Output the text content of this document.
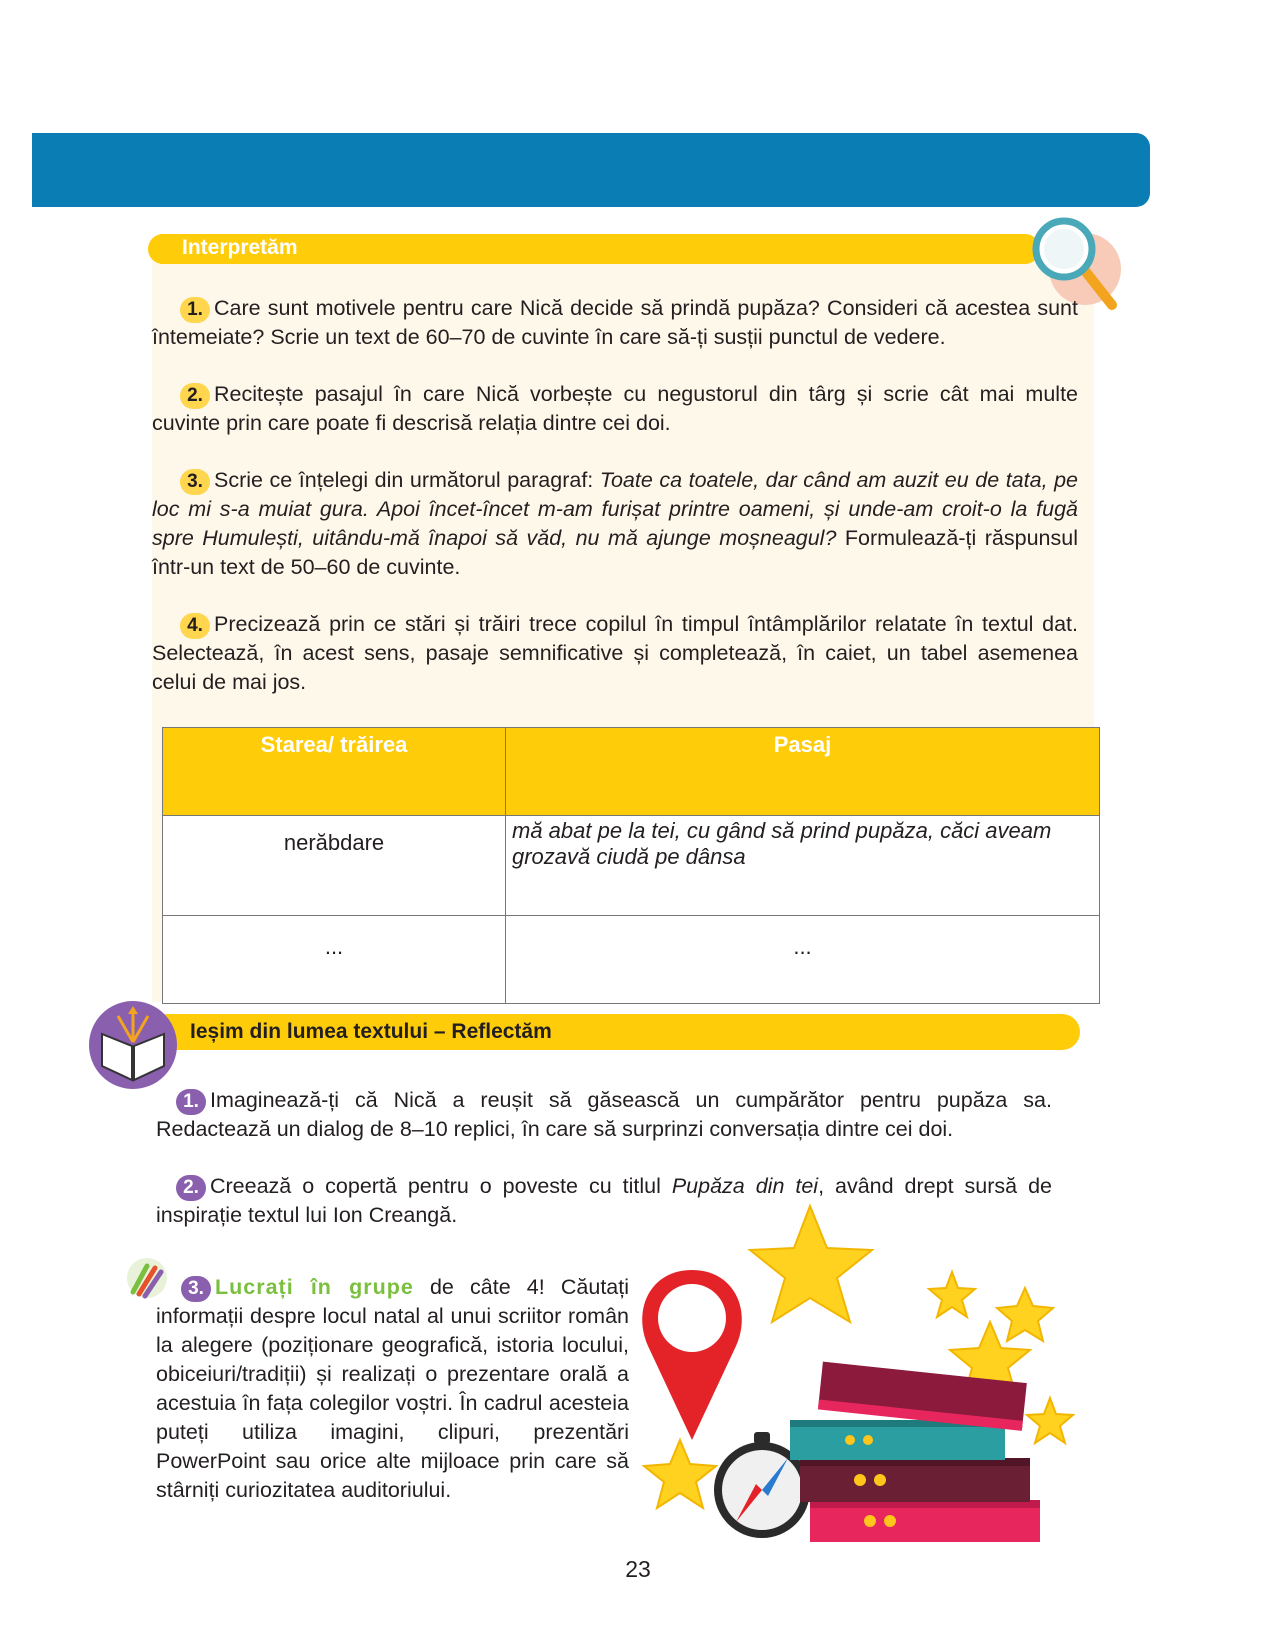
Interpretăm
1. Care sunt motivele pentru care Nică decide să prindă pupăza? Consideri că acestea sunt întemeiate? Scrie un text de 60–70 de cuvinte în care să-ți susții punctul de vedere.
2. Recitește pasajul în care Nică vorbește cu negustorul din târg și scrie cât mai multe cuvinte prin care poate fi descrisă relația dintre cei doi.
3. Scrie ce înțelegi din următorul paragraf: Toate ca toatele, dar când am auzit eu de tata, pe loc mi s-a muiat gura. Apoi încet-încet m-am furișat printre oameni, și unde-am croit-o la fugă spre Humulești, uitându-mă înapoi să văd, nu mă ajunge moșneagul? Formulează-ți răspunsul într-un text de 50–60 de cuvinte.
4. Precizează prin ce stări și trăiri trece copilul în timpul întâmplărilor relatate în textul dat. Selectează, în acest sens, pasaje semnificative și completează, în caiet, un tabel asemenea celui de mai jos.
Starea/ trăirea	Pasaj
nerăbdare	mă abat pe la tei, cu gând să prind pupăza, căci aveam grozavă ciudă pe dânsa
...	...
Ieșim din lumea textului – Reflectăm
1. Imaginează-ți că Nică a reușit să găsească un cumpărător pentru pupăza sa. Redactează un dialog de 8–10 replici, în care să surprinzi conversația dintre cei doi.
2. Creează o copertă pentru o poveste cu titlul Pupăza din tei, având drept sursă de inspirație textul lui Ion Creangă.
3. Lucrați în grupe de câte 4! Căutați informații despre locul natal al unui scriitor român la alegere (poziționare geografică, istoria locului, obiceiuri/tradiții) și realizați o prezentare orală a acestuia în fața colegilor voștri. În cadrul acesteia puteți utiliza imagini, clipuri, prezentări PowerPoint sau orice alte mijloace prin care să stârniți curiozitatea auditoriului.
23
